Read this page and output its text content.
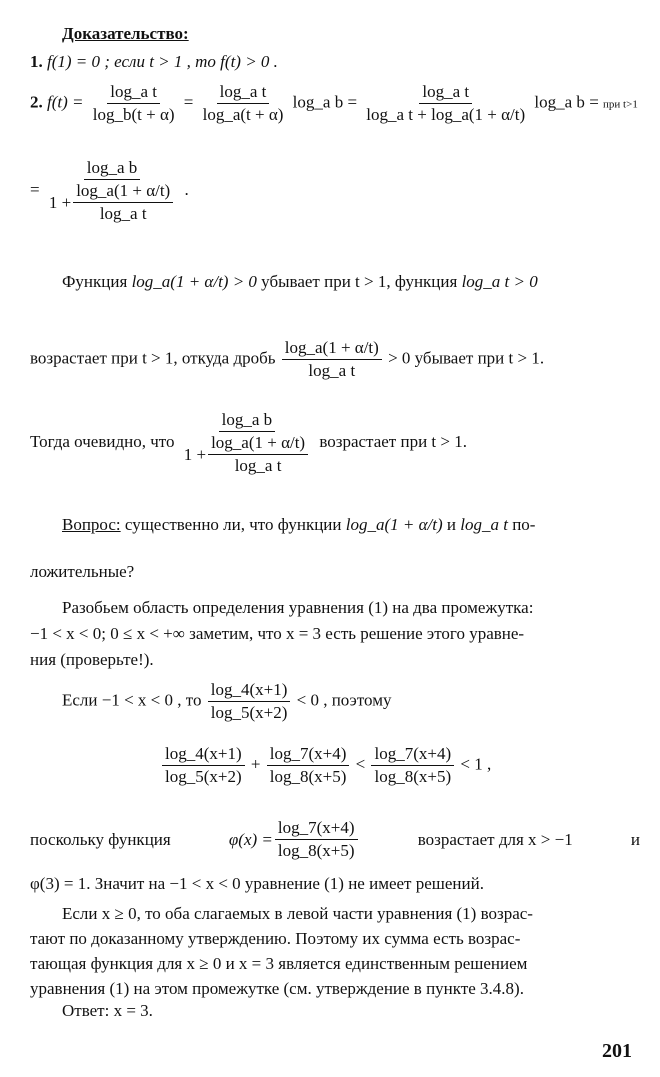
Доказательство:
1. f(1) = 0 ; если t > 1 , то f(t) > 0 .
2. $f(t) = \frac{\text{log\_a t}}{\log\_b(t + \alpha)} = \frac{\text{log\_a t}}{\log\_a(t + \alpha)}$ log_a $b = \frac{\text{log\_a t}}{\text{log\_a t + log\_a(1 + α/t)}}$ log_a b = при t>1
= $\frac{\text{log\_a b}}{1 + \frac{\log\_a(1 + \alpha/t)}{\text{log\_a t}}}$ .
Функция log_a(1 + α/t) > 0 убывает при t > 1, функция log_a t > 0
возрастает при t > 1, откуда дробь $\frac{\log\_a(1 + \alpha/t)}{\text{log\_a t}} > 0$ убывает при t > 1.
Тогда очевидно, что $\frac{\text{log\_a b}}{1 + \frac{\log\_a(1 + \alpha/t)}{\text{log\_a t}}}$ возрастает при t > 1.
Вопрос: существенно ли, что функции log_a(1 + α/t) и log_a t по-
ложительные?
Разобьем область определения уравнения (1) на два промежутка:
−1 < x < 0; 0 ≤ x < +∞ заметим, что x = 3 есть решение этого уравне-
ния (проверьте!).
Если −1 < x < 0 , то $\frac{\log\_4(x+1)}{\log\_5(x+2)} < 0$ , поэтому
$\frac{\log\_4(x+1)}{\log\_5(x+2)} + \frac{\log\_7(x+4)}{\log\_8(x+5)} < \frac{\log\_7(x+4)}{\log\_8(x+5)} < 1$ ,
поскольку функция	$\varphi(x) = \frac{\log\_7(x+4)}{\log\_8(x+5)}$	возрастает для x > −1	и
φ(3) = 1. Значит на −1 < x < 0 уравнение (1) не имеет решений.
Если x ≥ 0, то оба слагаемых в левой части уравнения (1) возрас-
тают по доказанному утверждению. Поэтому их сумма есть возрас-
тающая функция для x ≥ 0 и x = 3 является единственным решением
уравнения (1) на этом промежутке (см. утверждение в пункте 3.4.8).
Ответ: x = 3.
201
